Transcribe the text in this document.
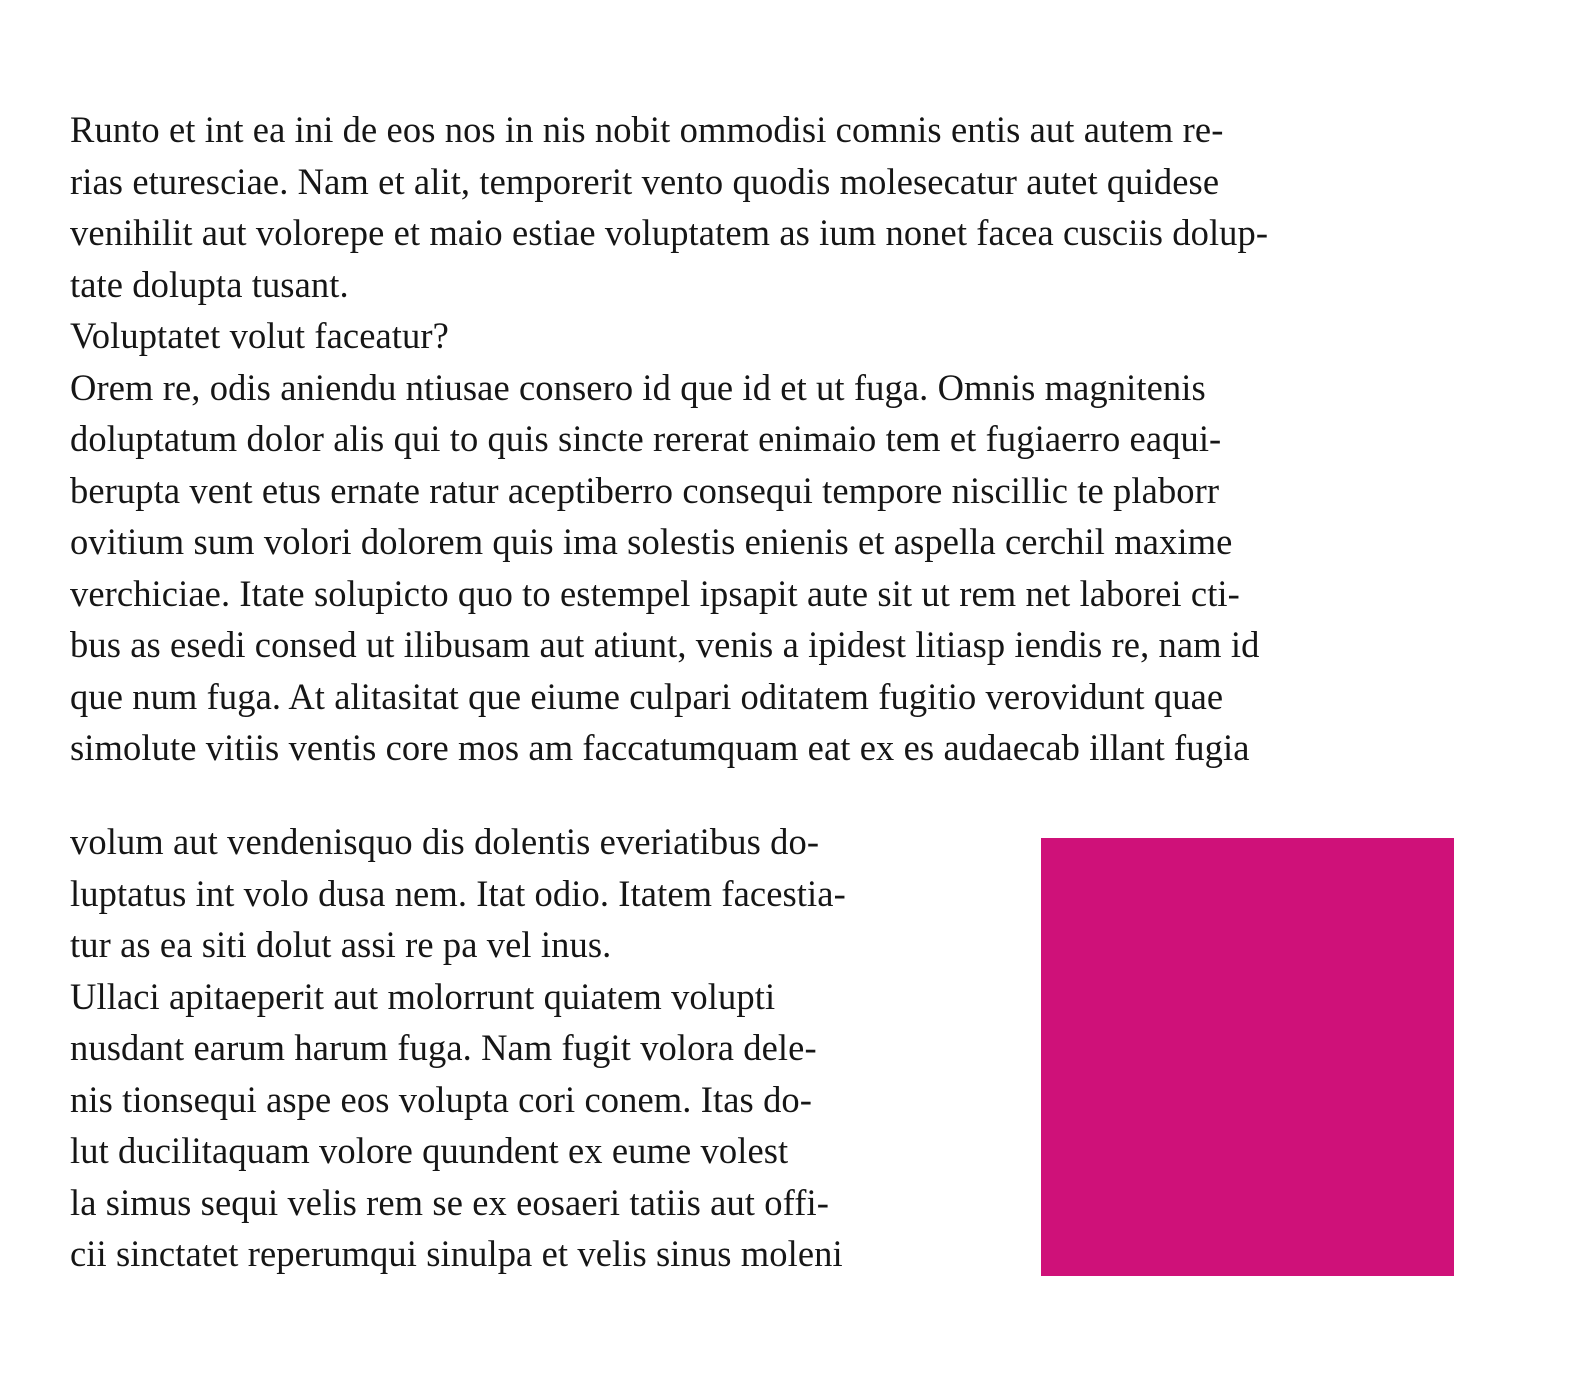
Runto et int ea ini de eos nos in nis nobit ommodisi comnis entis aut autem re-
rias eturesciae. Nam et alit, temporerit vento quodis molesecatur autet quidese
venihilit aut volorepe et maio estiae voluptatem as ium nonet facea cusciis dolup-
tate dolupta tusant.
Voluptatet volut faceatur?
Orem re, odis aniendu ntiusae consero id que id et ut fuga. Omnis magnitenis
doluptatum dolor alis qui to quis sincte rererat enimaio tem et fugiaerro eaqui-
berupta vent etus ernate ratur aceptiberro consequi tempore niscillic te plaborr
ovitium sum volori dolorem quis ima solestis enienis et aspella cerchil maxime
verchiciae. Itate solupicto quo to estempel ipsapit aute sit ut rem net laborei cti-
bus as esedi consed ut ilibusam aut atiunt, venis a ipidest litiasp iendis re, nam id
que num fuga. At alitasitat que eiume culpari oditatem fugitio verovidunt quae
simolute vitiis ventis core mos am faccatumquam eat ex es audaecab illant fugia
volum aut vendenisquo dis dolentis everiatibus do-
luptatus int volo dusa nem. Itat odio. Itatem facestia-
tur as ea siti dolut assi re pa vel inus.
Ullaci apitaeperit aut molorrunt quiatem volupti
nusdant earum harum fuga. Nam fugit volora dele-
nis tionsequi aspe eos volupta cori conem. Itas do-
lut ducilitaquam volore quundent ex eume volest
la simus sequi velis rem se ex eosaeri tatiis aut offi-
cii sinctatet reperumqui sinulpa et velis sinus moleni
